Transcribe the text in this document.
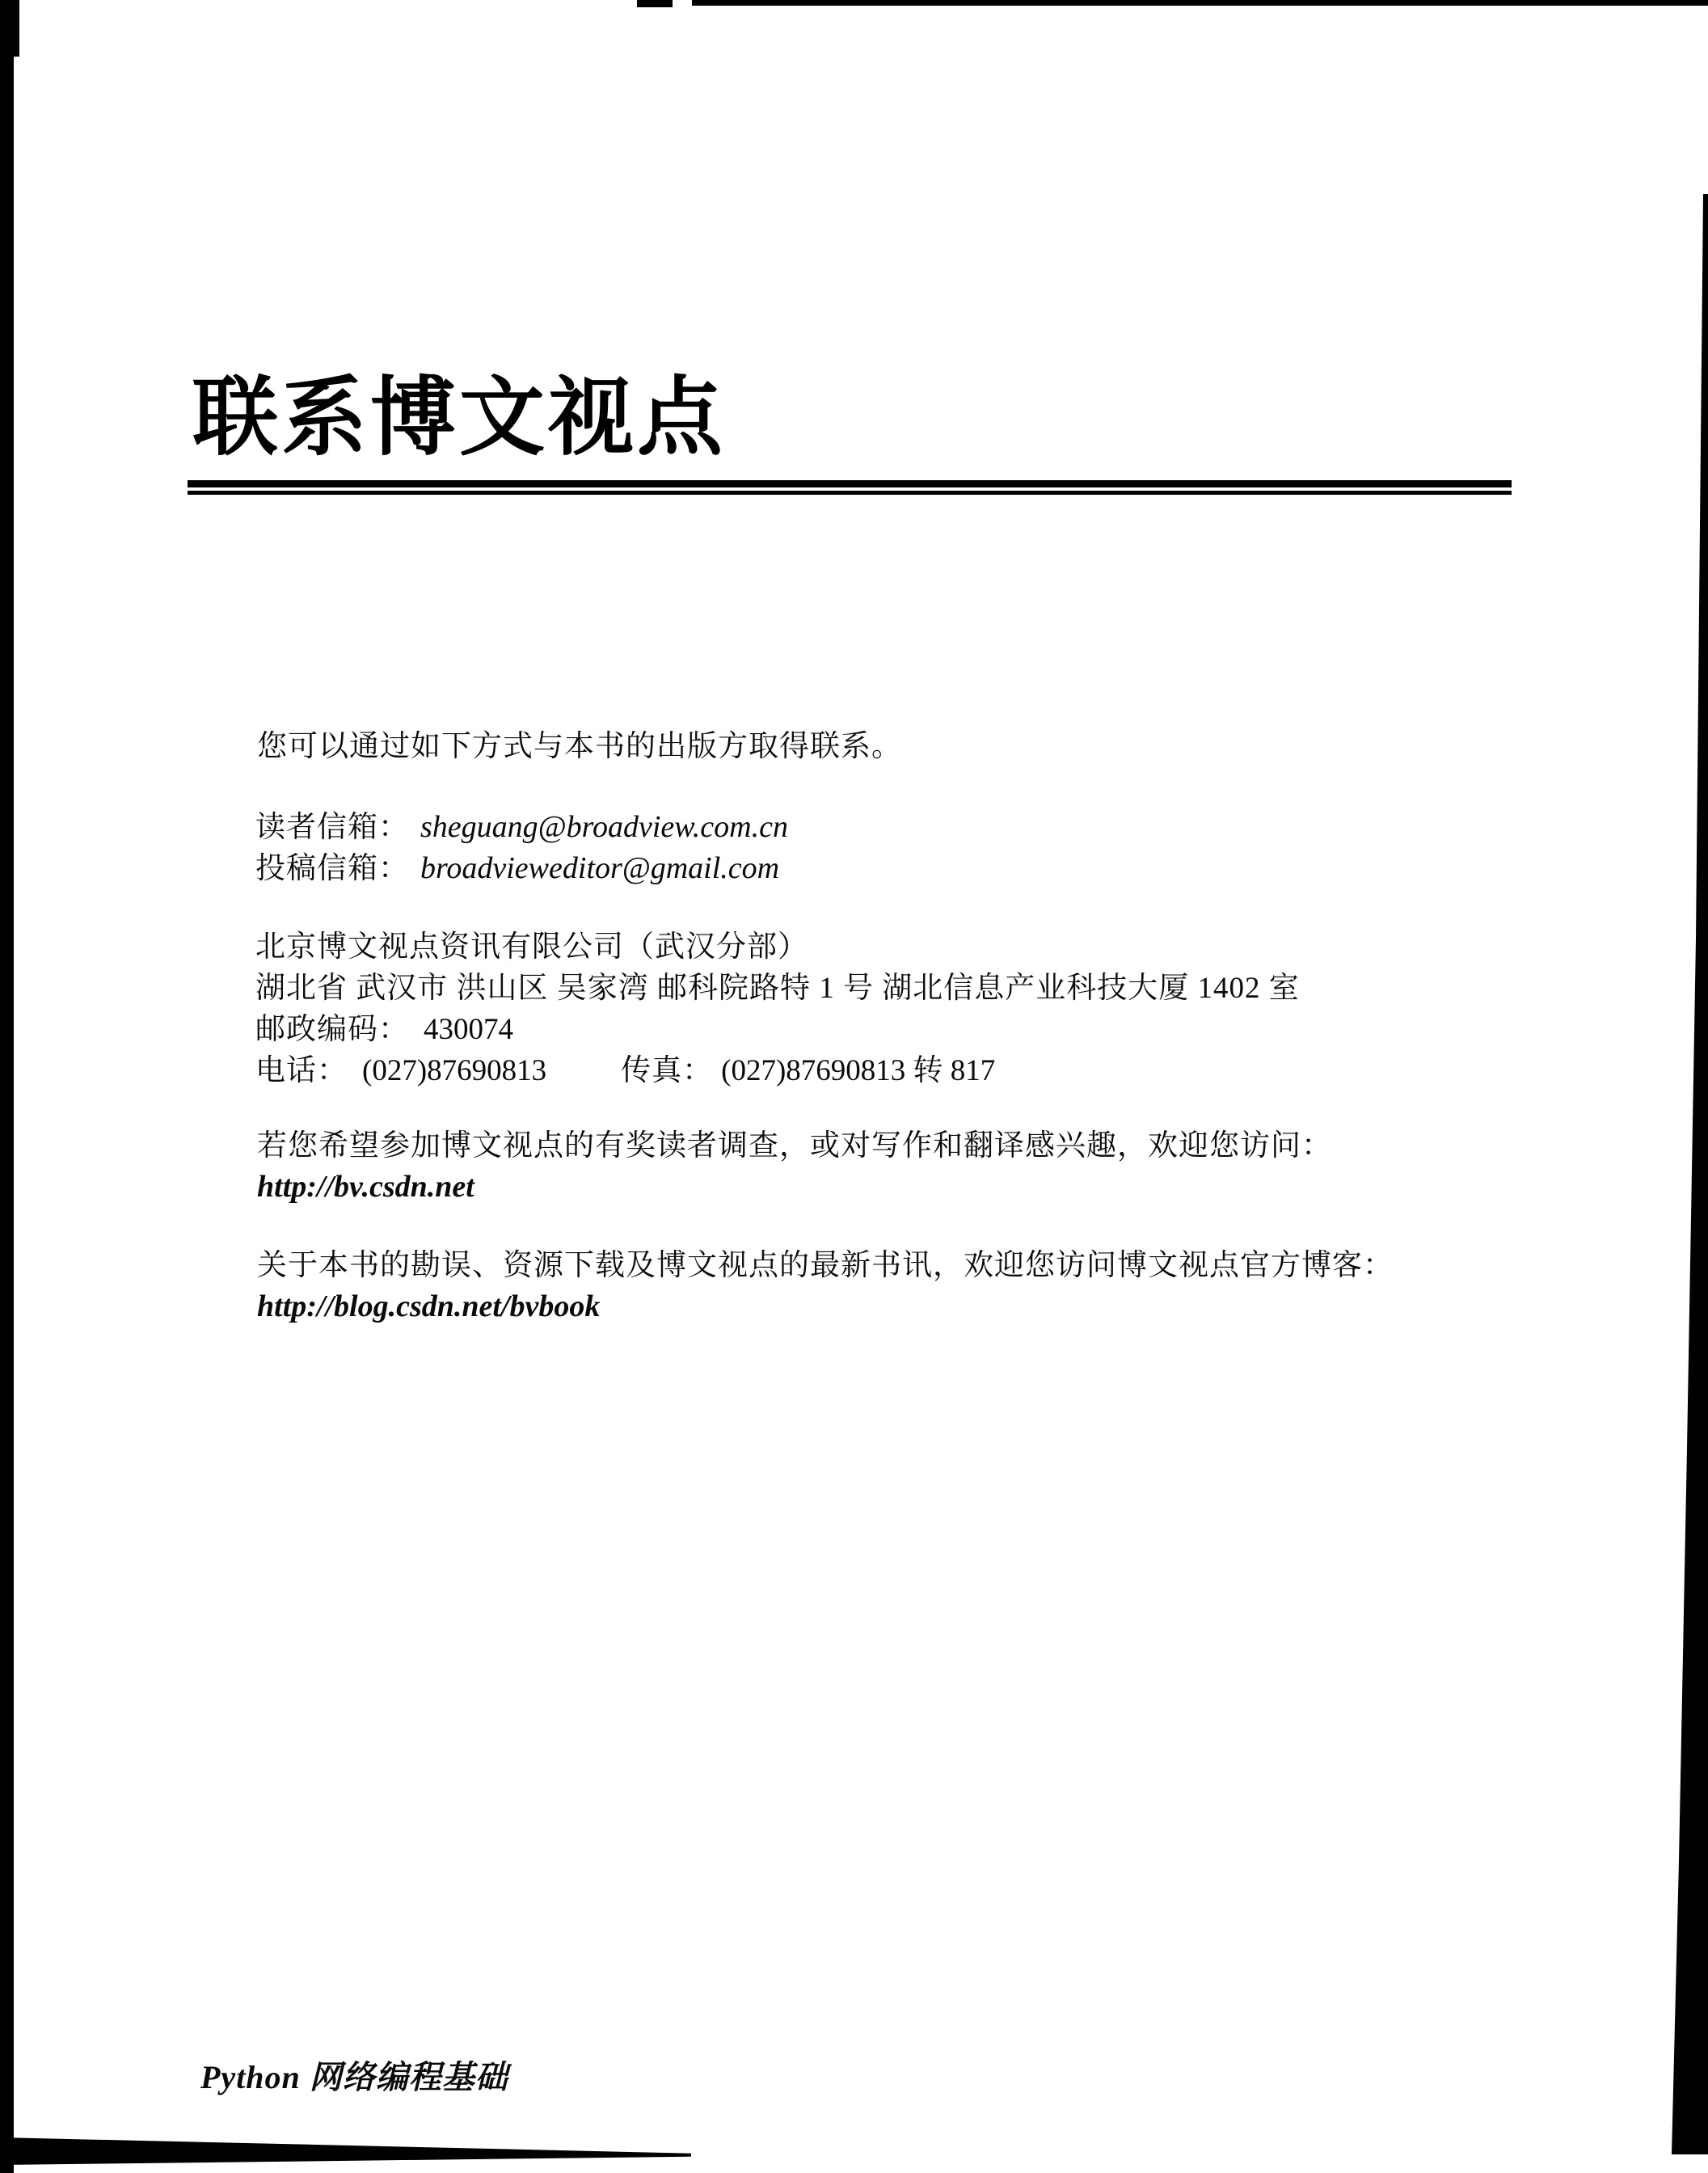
联系博文视点
您可以通过如下方式与本书的出版方取得联系。
读者信箱： sheguang@broadview.com.cn
投稿信箱： broadvieweditor@gmail.com
北京博文视点资讯有限公司（武汉分部）
湖北省 武汉市 洪山区 吴家湾 邮科院路特 1 号 湖北信息产业科技大厦 1402 室
邮政编码： 430074
电话： (027)87690813 传真： (027)87690813 转 817
若您希望参加博文视点的有奖读者调查，或对写作和翻译感兴趣，欢迎您访问：
http://bv.csdn.net
关于本书的勘误、资源下载及博文视点的最新书讯，欢迎您访问博文视点官方博客：
http://blog.csdn.net/bvbook
Python 网络编程基础
